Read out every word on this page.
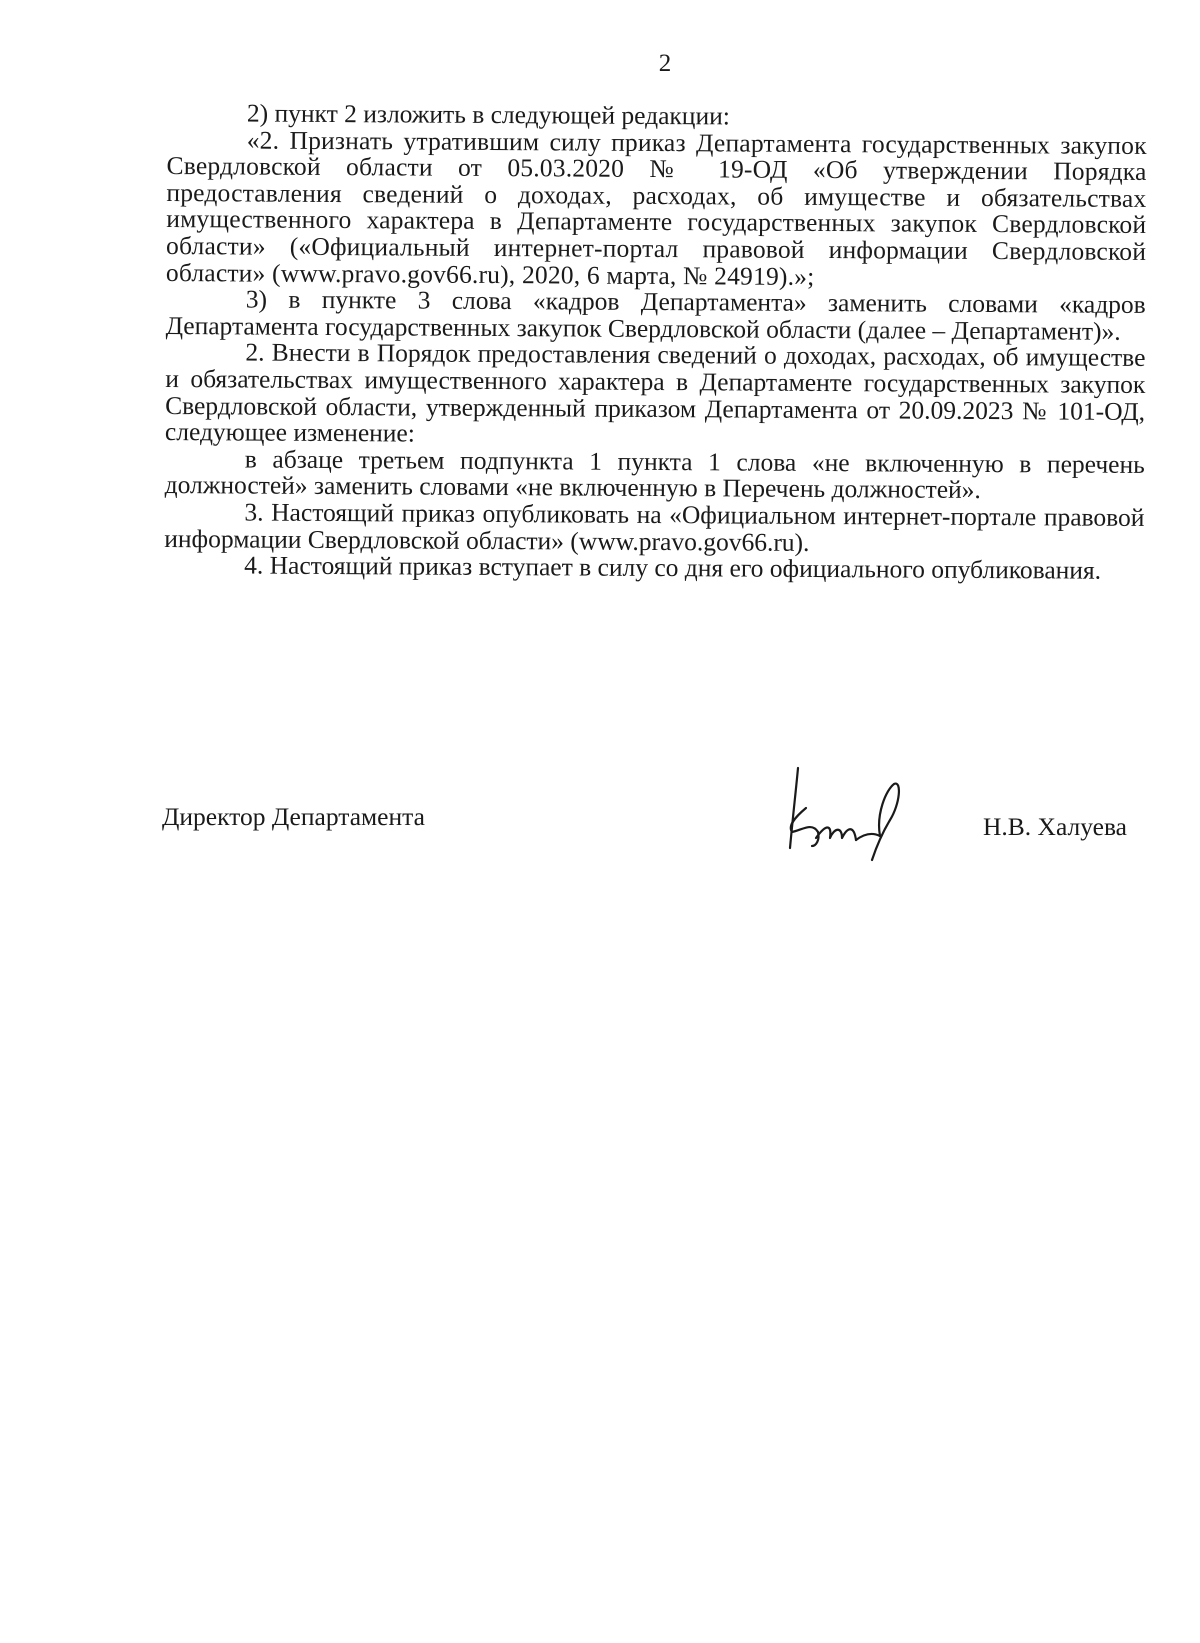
2

2) пункт 2 изложить в следующей редакции:

«2. Признать утратившим силу приказ Департамента государственных закупок Свердловской области от 05.03.2020 № 19-ОД «Об утверждении Порядка предоставления сведений о доходах, расходах, об имуществе и обязательствах имущественного характера в Департаменте государственных закупок Свердловской области» («Официальный интернет-портал правовой информации Свердловской области» (www.pravo.gov66.ru), 2020, 6 марта, № 24919).»;

3) в пункте 3 слова «кадров Департамента» заменить словами «кадров Департамента государственных закупок Свердловской области (далее – Департамент)».

2. Внести в Порядок предоставления сведений о доходах, расходах, об имуществе и обязательствах имущественного характера в Департаменте государственных закупок Свердловской области, утвержденный приказом Департамента от 20.09.2023 № 101-ОД, следующее изменение:

в абзаце третьем подпункта 1 пункта 1 слова «не включенную в перечень должностей» заменить словами «не включенную в Перечень должностей».

3. Настоящий приказ опубликовать на «Официальном интернет-портале правовой информации Свердловской области» (www.pravo.gov66.ru).

4. Настоящий приказ вступает в силу со дня его официального опубликования.

Директор Департамента	Н.В. Халуева
